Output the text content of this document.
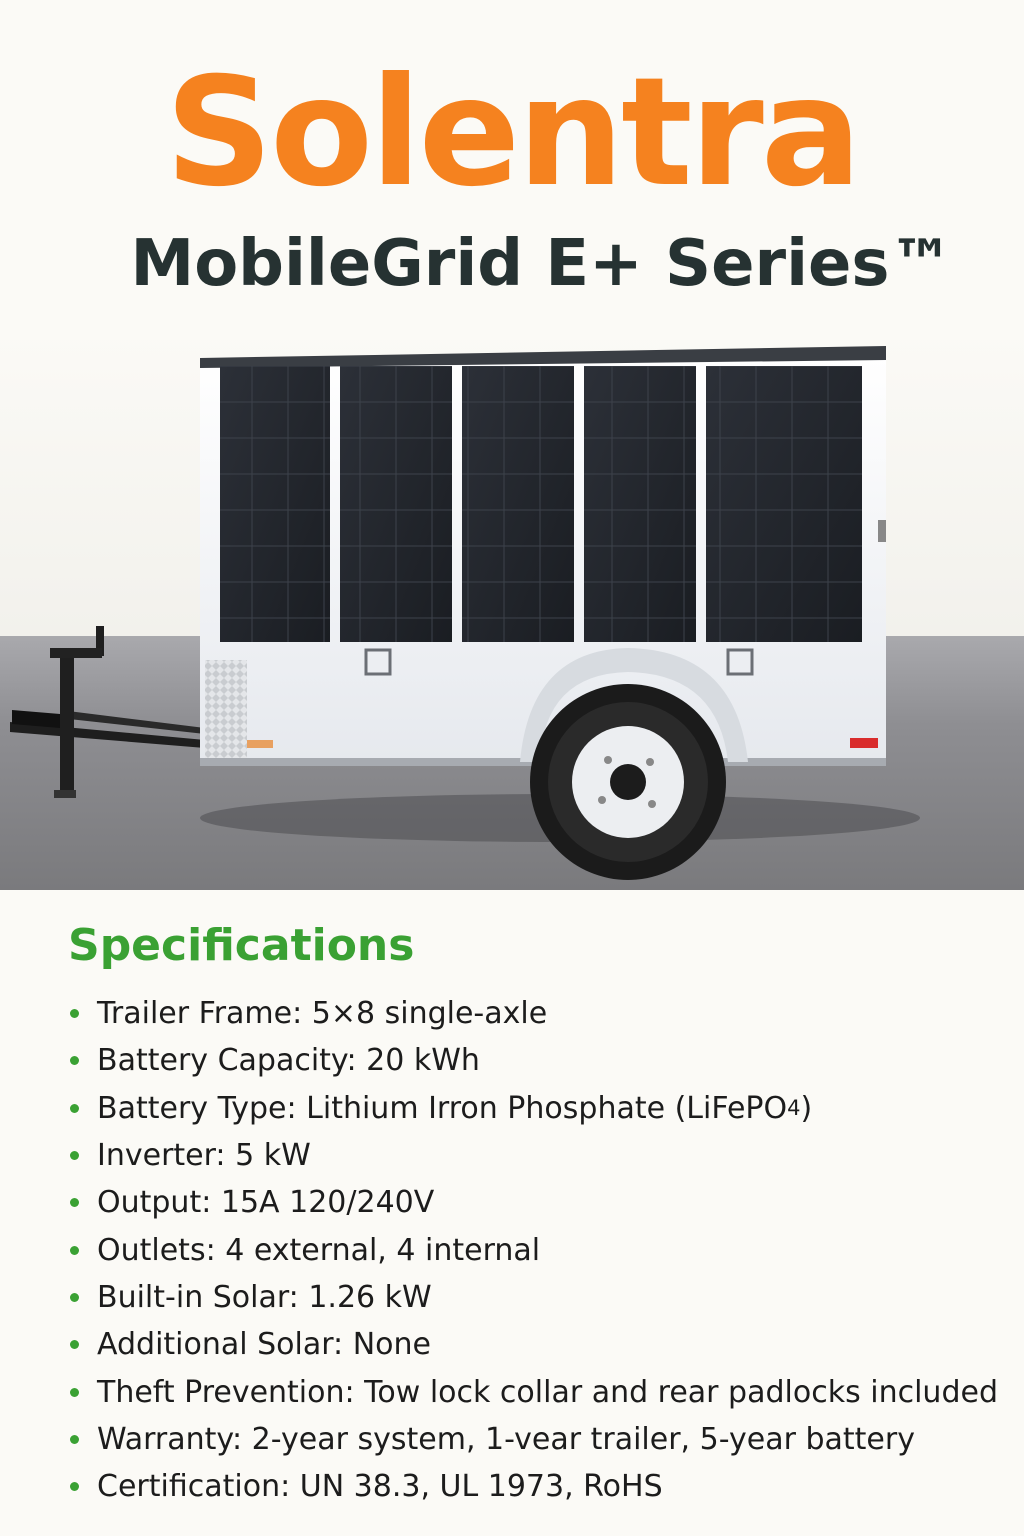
Solentra
MobileGrid E+ Series™
Specifications
Trailer Frame:
5×8 single-axle
Battery Capacity:
20 kWh
Battery Type:
Lithium Irron Phosphate (LiFePO 4 )
Inverter:
5 kW
Output:
15A 120/240V
Outlets:
4 external, 4 internal
Built-in Solar:
1.26 kW
Additional Solar:
None
Theft Prevention:
Tow lock collar and rear padlocks included
Warranty:
2-year system, 1-vear trailer, 5-year battery
Certification:
UN 38.3, UL 1973, RoHS
